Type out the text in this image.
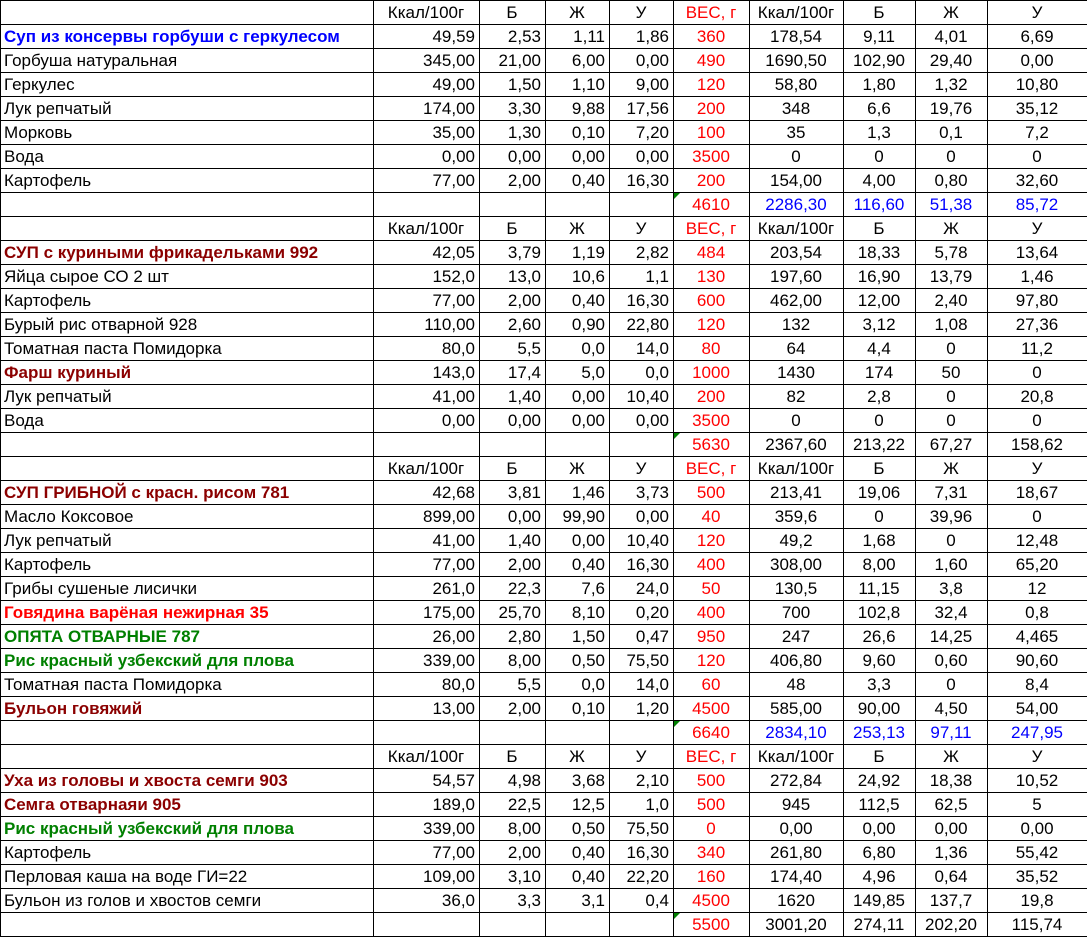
	Ккал/100г	Б	Ж	У	ВЕС, г	Ккал/100г	Б	Ж	У
Суп из консервы горбуши с геркулесом	49,59	2,53	1,11	1,86	360	178,54	9,11	4,01	6,69
Горбуша натуральная	345,00	21,00	6,00	0,00	490	1690,50	102,90	29,40	0,00
Геркулес	49,00	1,50	1,10	9,00	120	58,80	1,80	1,32	10,80
Лук репчатый	174,00	3,30	9,88	17,56	200	348	6,6	19,76	35,12
Морковь	35,00	1,30	0,10	7,20	100	35	1,3	0,1	7,2
Вода	0,00	0,00	0,00	0,00	3500	0	0	0	0
Картофель	77,00	2,00	0,40	16,30	200	154,00	4,00	0,80	32,60
					4610	2286,30	116,60	51,38	85,72
	Ккал/100г	Б	Ж	У	ВЕС, г	Ккал/100г	Б	Ж	У
СУП с куриными фрикадельками 992	42,05	3,79	1,19	2,82	484	203,54	18,33	5,78	13,64
Яйца сырое СО 2 шт	152,0	13,0	10,6	1,1	130	197,60	16,90	13,79	1,46
Картофель	77,00	2,00	0,40	16,30	600	462,00	12,00	2,40	97,80
Бурый рис отварной 928	110,00	2,60	0,90	22,80	120	132	3,12	1,08	27,36
Томатная паста Помидорка	80,0	5,5	0,0	14,0	80	64	4,4	0	11,2
Фарш куриный	143,0	17,4	5,0	0,0	1000	1430	174	50	0
Лук репчатый	41,00	1,40	0,00	10,40	200	82	2,8	0	20,8
Вода	0,00	0,00	0,00	0,00	3500	0	0	0	0
					5630	2367,60	213,22	67,27	158,62
	Ккал/100г	Б	Ж	У	ВЕС, г	Ккал/100г	Б	Ж	У
СУП ГРИБНОЙ с красн. рисом 781	42,68	3,81	1,46	3,73	500	213,41	19,06	7,31	18,67
Масло Коксовое	899,00	0,00	99,90	0,00	40	359,6	0	39,96	0
Лук репчатый	41,00	1,40	0,00	10,40	120	49,2	1,68	0	12,48
Картофель	77,00	2,00	0,40	16,30	400	308,00	8,00	1,60	65,20
Грибы сушеные лисички	261,0	22,3	7,6	24,0	50	130,5	11,15	3,8	12
Говядина варёная нежирная 35	175,00	25,70	8,10	0,20	400	700	102,8	32,4	0,8
ОПЯТА ОТВАРНЫЕ 787	26,00	2,80	1,50	0,47	950	247	26,6	14,25	4,465
Рис красный узбекский для плова	339,00	8,00	0,50	75,50	120	406,80	9,60	0,60	90,60
Томатная паста Помидорка	80,0	5,5	0,0	14,0	60	48	3,3	0	8,4
Бульон говяжий	13,00	2,00	0,10	1,20	4500	585,00	90,00	4,50	54,00
					6640	2834,10	253,13	97,11	247,95
	Ккал/100г	Б	Ж	У	ВЕС, г	Ккал/100г	Б	Ж	У
Уха из головы и хвоста семги 903	54,57	4,98	3,68	2,10	500	272,84	24,92	18,38	10,52
Семга отварнаяи 905	189,0	22,5	12,5	1,0	500	945	112,5	62,5	5
Рис красный узбекский для плова	339,00	8,00	0,50	75,50	0	0,00	0,00	0,00	0,00
Картофель	77,00	2,00	0,40	16,30	340	261,80	6,80	1,36	55,42
Перловая каша на воде ГИ=22	109,00	3,10	0,40	22,20	160	174,40	4,96	0,64	35,52
Бульон из голов и хвостов семги	36,0	3,3	3,1	0,4	4500	1620	149,85	137,7	19,8
					5500	3001,20	274,11	202,20	115,74
